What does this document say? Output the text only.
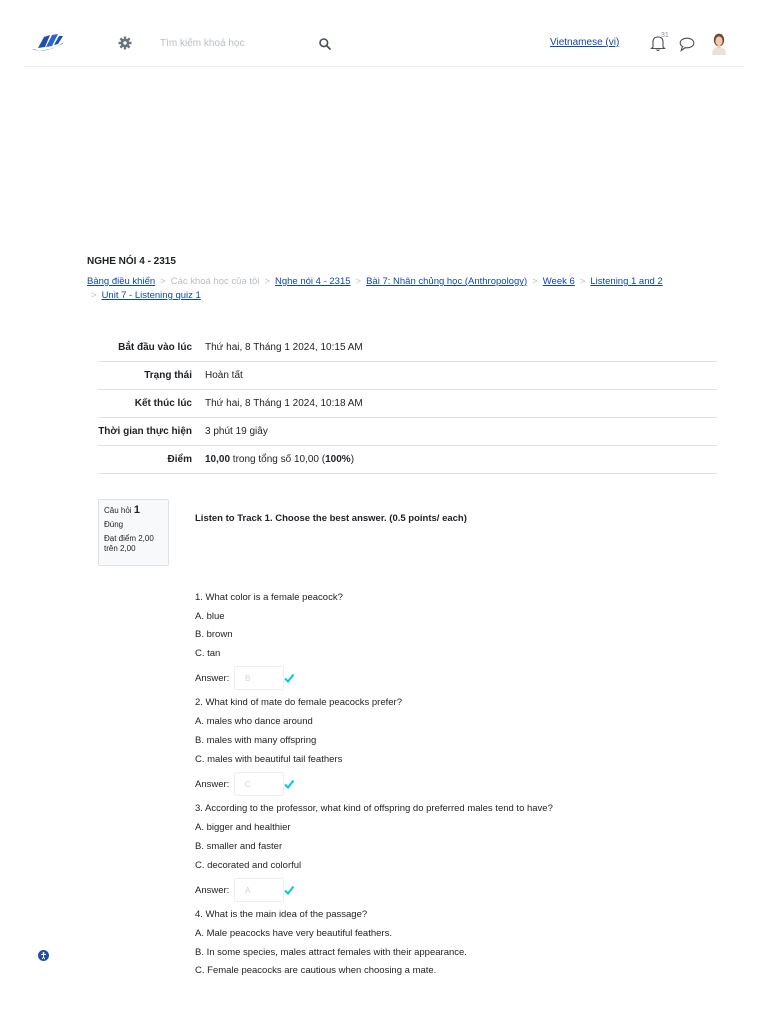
Tìm kiếm khoá học
Vietnamese (vi)
31
NGHE NÓI 4 - 2315
Bảng điều khiển > Các khoá học của tôi > Nghe nói 4 - 2315 > Bài 7: Nhân chủng học (Anthropology) > Week 6 > Listening 1 and 2
> Unit 7 - Listening quiz 1
Bắt đầu vào lúc	Thứ hai, 8 Tháng 1 2024, 10:15 AM
Trạng thái	Hoàn tất
Kết thúc lúc	Thứ hai, 8 Tháng 1 2024, 10:18 AM
Thời gian thực hiện	3 phút 19 giây
Điểm	10,00 trong tổng số 10,00 (100%)
Câu hỏi 1
Đúng
Đạt điểm 2,00 trên 2,00
Listen to Track 1. Choose the best answer. (0.5 points/ each)
1. What color is a female peacock?
A. blue
B. brown
C. tan
Answer:
B
2. What kind of mate do female peacocks prefer?
A. males who dance around
B. males with many offspring
C. males with beautiful tail feathers
Answer:
C
3. According to the professor, what kind of offspring do preferred males tend to have?
A. bigger and healthier
B. smaller and faster
C. decorated and colorful
Answer:
A
4. What is the main idea of the passage?
A. Male peacocks have very beautiful feathers.
B. In some species, males attract females with their appearance.
C. Female peacocks are cautious when choosing a mate.
